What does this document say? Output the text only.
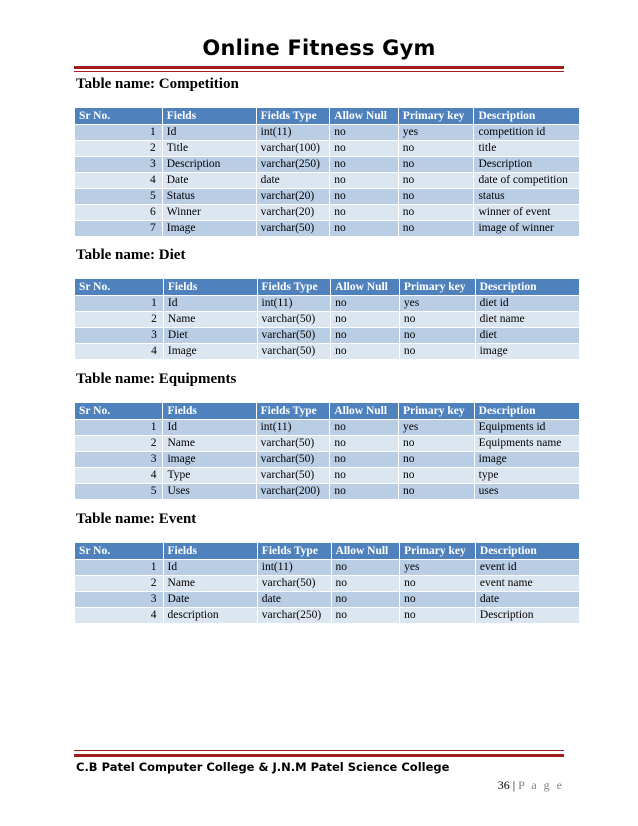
Online Fitness Gym
Table name: Competition
Sr No.	Fields	Fields Type	Allow Null	Primary key	Description
1	Id	int(11)	no	yes	competition id
2	Title	varchar(100)	no	no	title
3	Description	varchar(250)	no	no	Description
4	Date	date	no	no	date of competition
5	Status	varchar(20)	no	no	status
6	Winner	varchar(20)	no	no	winner of event
7	Image	varchar(50)	no	no	image of winner
Table name: Diet
Sr No.	Fields	Fields Type	Allow Null	Primary key	Description
1	Id	int(11)	no	yes	diet id
2	Name	varchar(50)	no	no	diet name
3	Diet	varchar(50)	no	no	diet
4	Image	varchar(50)	no	no	image
Table name: Equipments
Sr No.	Fields	Fields Type	Allow Null	Primary key	Description
1	Id	int(11)	no	yes	Equipments id
2	Name	varchar(50)	no	no	Equipments name
3	image	varchar(50)	no	no	image
4	Type	varchar(50)	no	no	type
5	Uses	varchar(200)	no	no	uses
Table name: Event
Sr No.	Fields	Fields Type	Allow Null	Primary key	Description
1	Id	int(11)	no	yes	event id
2	Name	varchar(50)	no	no	event name
3	Date	date	no	no	date
4	description	varchar(250)	no	no	Description
C.B Patel Computer College & J.N.M Patel Science College
36 | P a g e
